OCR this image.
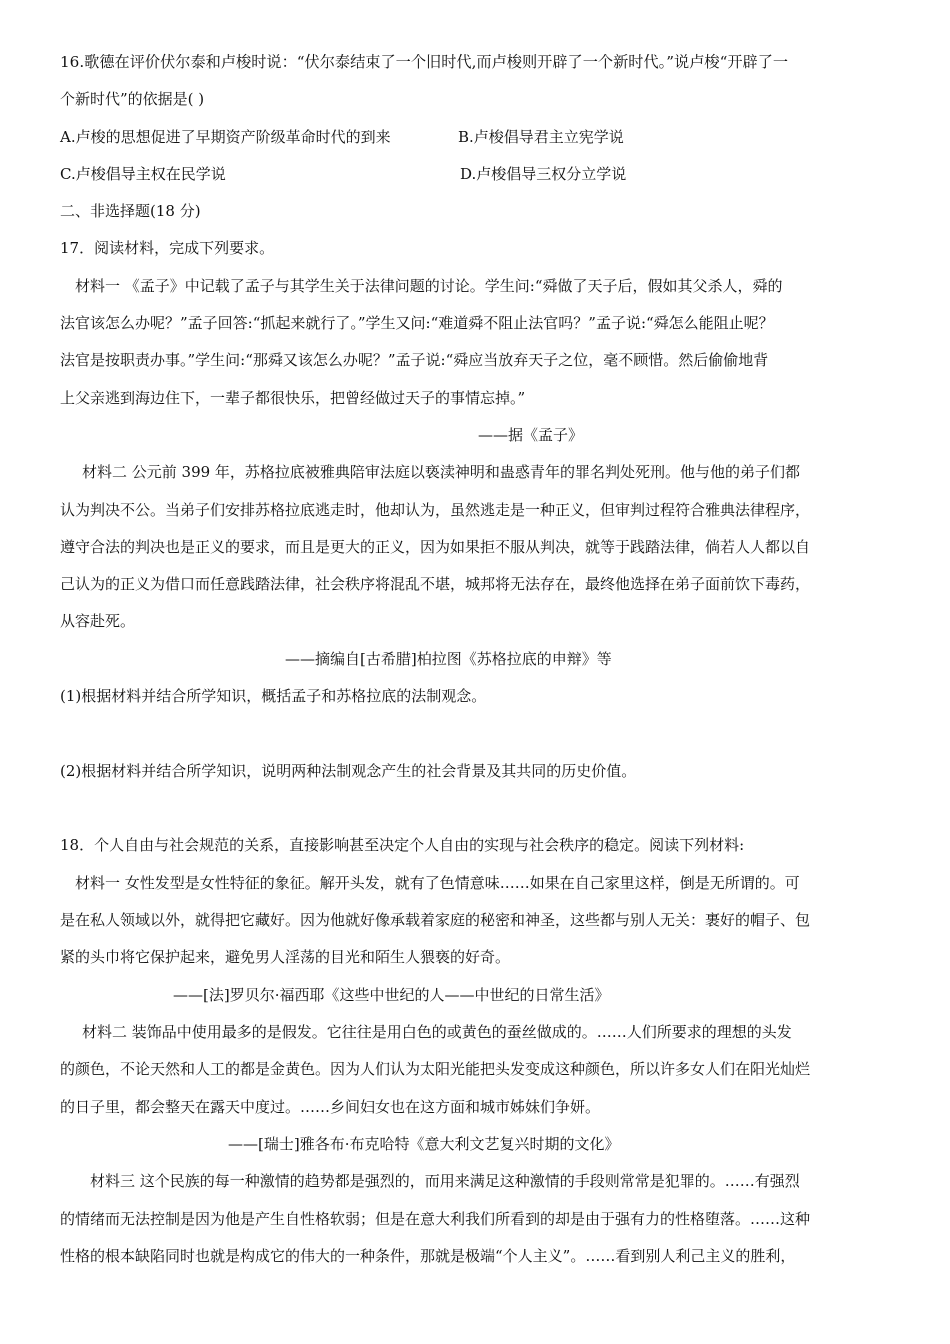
16.歌德在评价伏尔泰和卢梭时说：“伏尔泰结束了一个旧时代,而卢梭则开辟了一个新时代。”说卢梭“开辟了一
个新时代”的依据是( )
A.卢梭的思想促进了早期资产阶级革命时代的到来	B.卢梭倡导君主立宪学说
C.卢梭倡导主权在民学说	D.卢梭倡导三权分立学说
二、非选择题(18 分)
17．阅读材料，完成下列要求。
材料一 《孟子》中记载了孟子与其学生关于法律问题的讨论。学生问:“舜做了天子后，假如其父杀人，舜的
法官该怎么办呢？”孟子回答:“抓起来就行了。”学生又问:“难道舜不阻止法官吗？”孟子说:“舜怎么能阻止呢？
法官是按职责办事。”学生问:“那舜又该怎么办呢？”孟子说:“舜应当放弃天子之位，毫不顾惜。然后偷偷地背
上父亲逃到海边住下，一辈子都很快乐，把曾经做过天子的事情忘掉。”
——据《孟子》
材料二 公元前 399 年，苏格拉底被雅典陪审法庭以亵渎神明和蛊惑青年的罪名判处死刑。他与他的弟子们都
认为判决不公。当弟子们安排苏格拉底逃走时，他却认为，虽然逃走是一种正义，但审判过程符合雅典法律程序，
遵守合法的判决也是正义的要求，而且是更大的正义，因为如果拒不服从判决，就等于践踏法律，倘若人人都以自
己认为的正义为借口而任意践踏法律，社会秩序将混乱不堪，城邦将无法存在，最终他选择在弟子面前饮下毒药，
从容赴死。
——摘编自[古希腊]柏拉图《苏格拉底的申辩》等
(1)根据材料并结合所学知识，概括孟子和苏格拉底的法制观念。
(2)根据材料并结合所学知识，说明两种法制观念产生的社会背景及其共同的历史价值。
18．个人自由与社会规范的关系，直接影响甚至决定个人自由的实现与社会秩序的稳定。阅读下列材料:
材料一 女性发型是女性特征的象征。解开头发，就有了色情意味……如果在自己家里这样，倒是无所谓的。可
是在私人领域以外，就得把它藏好。因为他就好像承载着家庭的秘密和神圣，这些都与别人无关：裹好的帽子、包
紧的头巾将它保护起来，避免男人淫荡的目光和陌生人猥亵的好奇。
——[法]罗贝尔·福西耶《这些中世纪的人——中世纪的日常生活》
材料二 装饰品中使用最多的是假发。它往往是用白色的或黄色的蚕丝做成的。……人们所要求的理想的头发
的颜色，不论天然和人工的都是金黄色。因为人们认为太阳光能把头发变成这种颜色，所以许多女人们在阳光灿烂
的日子里，都会整天在露天中度过。……乡间妇女也在这方面和城市姊妹们争妍。
——[瑞士]雅各布·布克哈特《意大利文艺复兴时期的文化》
材料三 这个民族的每一种激情的趋势都是强烈的，而用来满足这种激情的手段则常常是犯罪的。……有强烈
的情绪而无法控制是因为他是产生自性格软弱；但是在意大利我们所看到的却是由于强有力的性格堕落。……这种
性格的根本缺陷同时也就是构成它的伟大的一种条件，那就是极端“个人主义”。……看到别人利己主义的胜利，
